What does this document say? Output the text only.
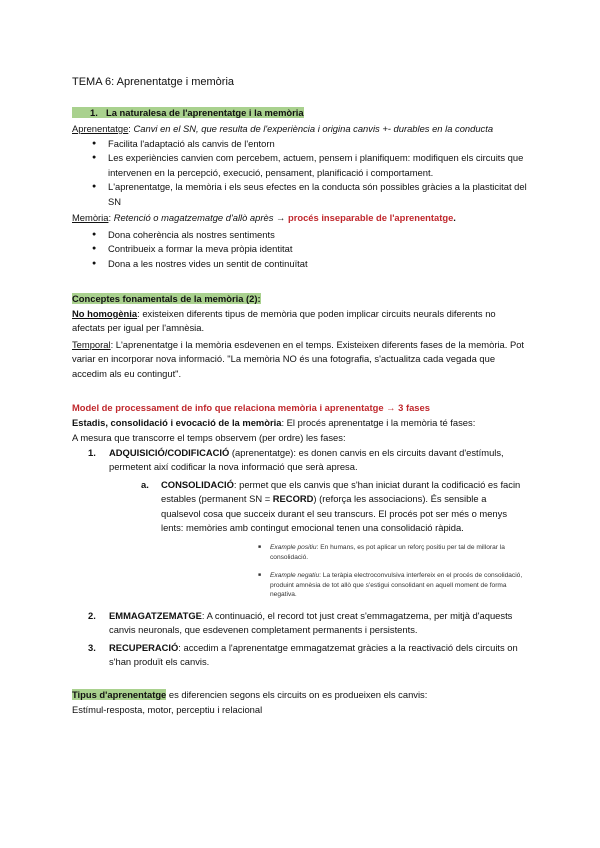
TEMA 6: Aprenentatge i memòria
1. La naturalesa de l'aprenentatge i la memòria
Aprenentatge: Canvi en el SN, que resulta de l'experiència i origina canvis +- durables en la conducta
● Facilita l'adaptació als canvis de l'entorn
● Les experiències canvien com percebem, actuem, pensem i planifiquem: modifiquen els circuits que intervenen en la percepció, execució, pensament, planificació i comportament.
● L'aprenentatge, la memòria i els seus efectes en la conducta són possibles gràcies a la plasticitat del SN
Memòria: Retenció o magatzematge d'allò après → procés inseparable de l'aprenentatge.
● Dona coherència als nostres sentiments
● Contribueix a formar la meva pròpia identitat
● Dona a les nostres vides un sentit de continuïtat
Conceptes fonamentals de la memòria (2):
No homogènia: existeixen diferents tipus de memòria que poden implicar circuits neurals diferents no afectats per igual per l'amnèsia.
Temporal: L'aprenentatge i la memòria esdevenen en el temps. Existeixen diferents fases de la memòria. Pot variar en incorporar nova informació. "La memòria NO és una fotografia, s'actualitza cada vegada que accedim als eu contingut".
Model de processament de info que relaciona memòria i aprenentatge → 3 fases
Estadis, consolidació i evocació de la memòria: El procés aprenentatge i la memòria té fases:
A mesura que transcorre el temps observem (per ordre) les fases:
1. ADQUISICIÓ/CODIFICACIÓ (aprenentatge): es donen canvis en els circuits davant d'estímuls, permetent així codificar la nova informació que serà apresa.
a. CONSOLIDACIÓ: permet que els canvis que s'han iniciat durant la codificació es facin estables (permanent SN = RECORD) (reforça les associacions). És sensible a qualsevol cosa que succeix durant el seu transcurs. El procés pot ser més o menys lents: memòries amb contingut emocional tenen una consolidació ràpida.
■ Example positiu: En humans, es pot aplicar un reforç positiu per tal de millorar la consolidació.
■ Example negatiu: La teràpia electroconvulsiva interfereix en el procés de consolidació, produint amnèsia de tot allò que s'estigui consolidant en aquell moment de forma negativa.
2. EMMAGATZEMATGE: A continuació, el record tot just creat s'emmagatzema, per mitjà d'aquests canvis neuronals, que esdevenen completament permanents i persistents.
3. RECUPERACIÓ: accedim a l'aprenentatge emmagatzemat gràcies a la reactivació dels circuits on s'han produït els canvis.
Tipus d'aprenentatge es diferencien segons els circuits on es produeixen els canvis:
Estímul-resposta, motor, perceptiu i relacional
